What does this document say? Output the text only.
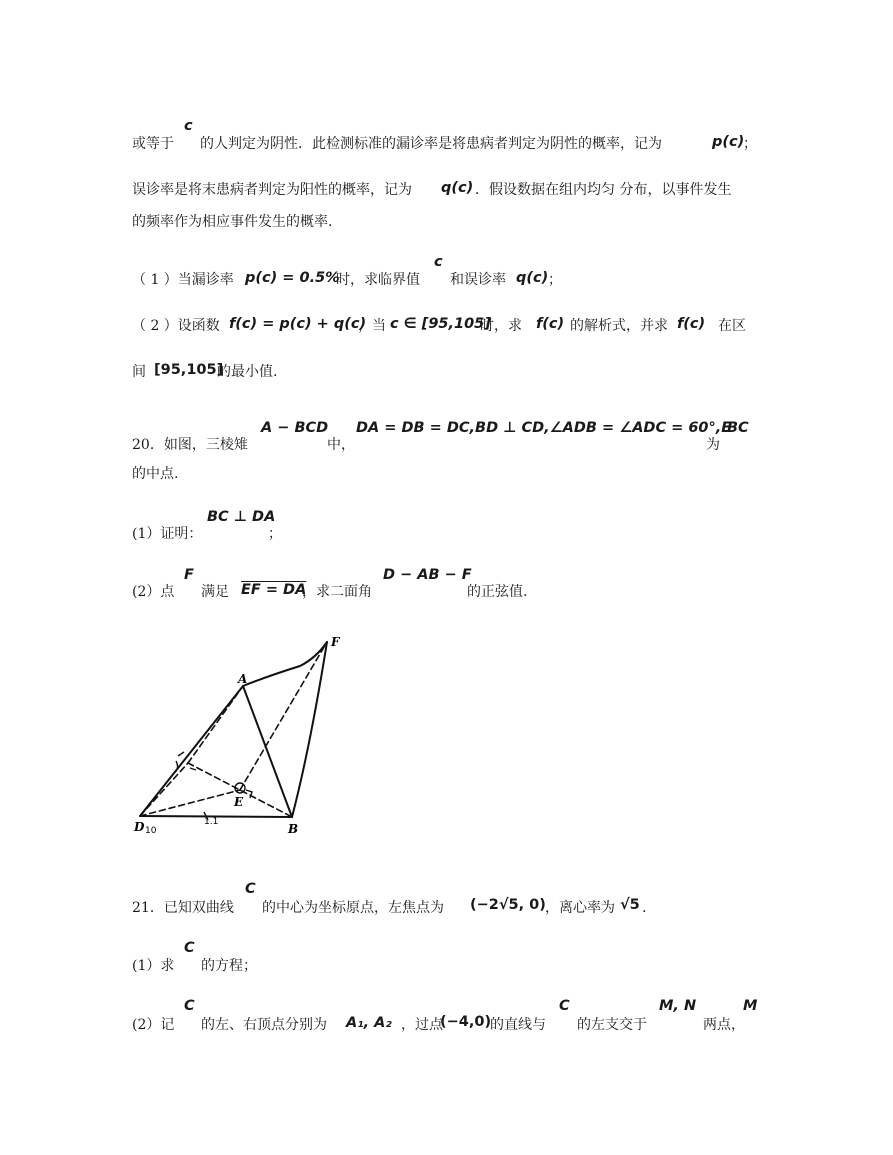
或等于
c
的人判定为阴性．此检测标准的漏诊率是将患病者判定为阴性的概率，记为	p(c)
；
误诊率是将末患病者判定为阳性的概率，记为 q(c) ．假设数据在组内均匀 分布，以事件发生
的频率作为相应事件发生的概率．
（ 1 ）当漏诊率 p(c) = 0.5%
时，求临界值
c
和误诊率 q(c) ；
（ 2 ）设函数 f(c) = p(c) + q(c)
，当 c ∈ [95,105]
时，求 f(c) 的解析式，并求 f(c) 在区
间 [95,105]
的最小值.
20．如图，三棱雉
A − BCD
中，
DA = DB = DC,BD ⊥ CD,∠ADB = ∠ADC = 60°,E
为
BC
的中点.
(1）证明：
BC ⊥ DA
；
(2）点
F
满足 EF = DA
，求二面角
D − AB − F
的正弦值.
A
B
D
E
F
10
1.1
21．已知双曲线
C
的中心为坐标原点，左焦点为 (−2√5, 0) ，离心率为 √5 .
(1）求
C
的方程；
(2）记
C
的左、右顶点分别为 A₁, A₂ ，过点
(−4,0)
的直线与
C
的左支交于
M, N
两点，
M
